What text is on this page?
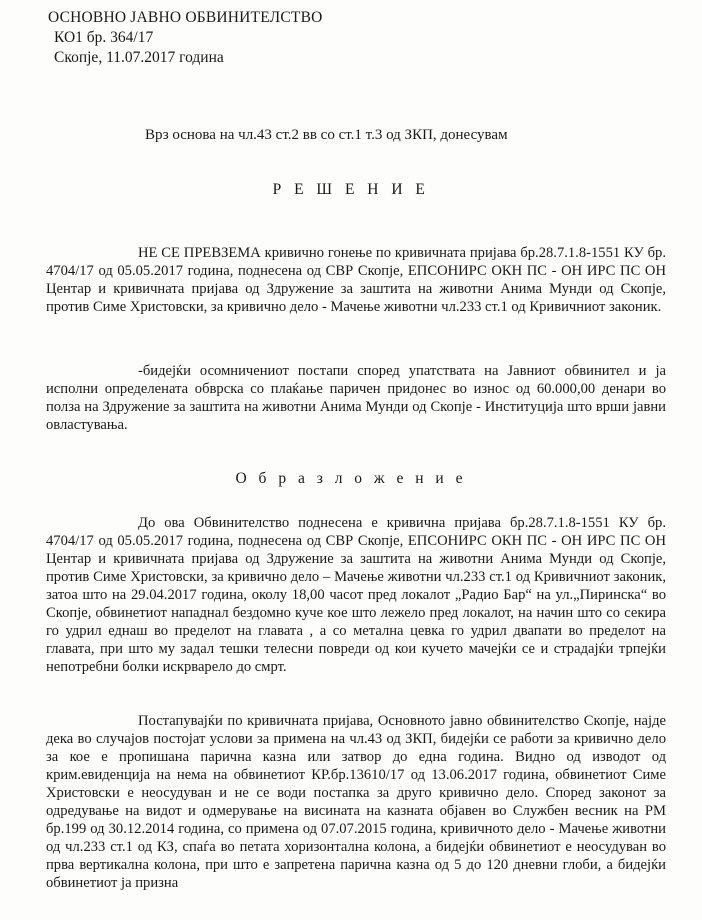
ОСНОВНО ЈАВНО ОБВИНИТЕЛСТВО
КО1 бр. 364/17
Скопје, 11.07.2017 година
Врз основа на чл.43 ст.2 вв со ст.1 т.3 од ЗКП, донесувам
Р Е Ш Е Н И Е

НЕ СЕ ПРЕВЗЕМА кривично гонење по кривичната пријава бр.28.7.1.8-1551 КУ бр. 4704/17 од 05.05.2017 година, поднесена од СВР Скопје, ЕПСОНИРС ОКН ПС - ОН ИРС ПС ОН Центар и кривичната пријава од Здружение за заштита на животни Анима Мунди од Скопје, против Симе Христовски, за кривично дело - Мачење животни чл.233 ст.1 од Кривичниот законик.

-бидејќи осомничениот постапи според упатствата на Јавниот обвинител и ја исполни определената обврска со плаќање паричен придонес во износ од 60.000,00 денари во полза на Здружение за заштита на животни Анима Мунди од Скопје - Институција што врши јавни овластувања.

О б р а з л о ж е н и е

До ова Обвинителство поднесена е кривична пријава бр.28.7.1.8-1551 КУ бр. 4704/17 од 05.05.2017 година, поднесена од СВР Скопје, ЕПСОНИРС ОКН ПС - ОН ИРС ПС ОН Центар и кривичната пријава од Здружение за заштита на животни Анима Мунди од Скопје, против Симе Христовски, за кривично дело – Мачење животни чл.233 ст.1 од Кривичниот законик, затоа што на 29.04.2017 година, околу 18,00 часот пред локалот „Радио Бар“ на ул.„Пиринска“ во Скопје, обвинетиот нападнал бездомно куче кое што лежело пред локалот, на начин што со секира го удрил еднаш во пределот на главата , а со метална цевка го удрил двапати во пределот на главата, при што му задал тешки телесни повреди од кои кучето мачејќи се и страдајќи трпејќи непотребни болки искрварело до смрт.

Постапувајќи по кривичната пријава, Основното јавно обвинителство Скопје, најде дека во случајов постојат услови за примена на чл.43 од ЗКП, бидејќи се работи за кривично дело за кое е пропишана парична казна или затвор до една година. Видно од изводот од крим.евиденција на нема на обвинетиот КР.бр.13610/17 од 13.06.2017 година, обвинетиот Симе Христовски е неосудуван и не се води постапка за друго кривично дело. Според законот за одредување на видот и одмерување на висината на казната објавен во Службен весник на РМ бр.199 од 30.12.2014 година, со примена од 07.07.2015 година, кривичното дело - Мачење животни од чл.233 ст.1 од КЗ, спаѓа во петата хоризонтална колона, а бидејќи обвинетиот е неосудуван во прва вертикална колона, при што е запретена парична казна од 5 до 120 дневни глоби, а бидејќи обвинетиот ја признa
